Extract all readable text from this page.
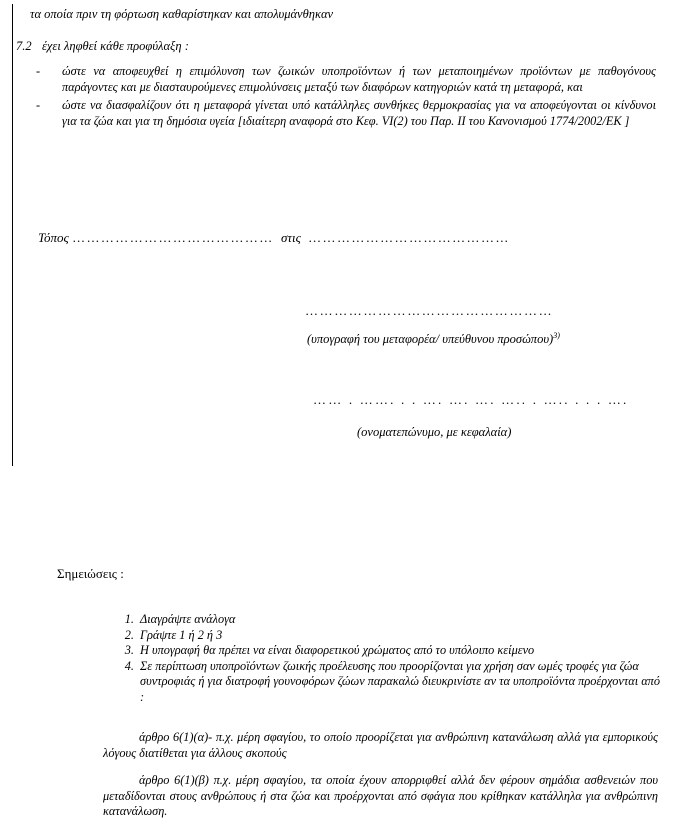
τα οποία πριν τη φόρτωση καθαρίστηκαν και απολυμάνθηκαν
7.2 έχει ληφθεί κάθε προφύλαξη :
- ώστε να αποφευχθεί η επιμόλυνση των ζωικών υποπροϊόντων ή των μεταποιημένων προϊόντων με παθογόνους παράγοντες και με διασταυρούμενες επιμολύνσεις μεταξύ των διαφόρων κατηγοριών κατά τη μεταφορά, και
- ώστε να διασφαλίζουν ότι η μεταφορά γίνεται υπό κατάλληλες συνθήκες θερμοκρασίας για να αποφεύγονται οι κίνδυνοι για τα ζώα και για τη δημόσια υγεία [ιδιαίτερη αναφορά στο Κεφ. VI(2) του Παρ. II του Κανονισμού 1774/2002/ΕΚ ]
Τόπος …………………………………… στις ……………………………………
……………………………………………
(υπογραφή του μεταφορέα/ υπεύθυνου προσώπου)$^{3)}$
…… . ……. . . …. …. …. ….. . ….. . . . ….
(ονοματεπώνυμο, με κεφαλαία)
Σημειώσεις :
1. Διαγράψτε ανάλογα
2. Γράψτε 1 ή 2 ή 3
3. Η υπογραφή θα πρέπει να είναι διαφορετικού χρώματος από το υπόλοιπο κείμενο
4. Σε περίπτωση υποπροϊόντων ζωικής προέλευσης που προορίζονται για χρήση σαν ωμές τροφές για ζώα συντροφιάς ή για διατροφή γουνοφόρων ζώων παρακαλώ διευκρινίστε αν τα υποπροϊόντα προέρχονται από :
άρθρο 6(1)(α)- π.χ. μέρη σφαγίου, το οποίο προορίζεται για ανθρώπινη κατανάλωση αλλά για εμπορικούς λόγους διατίθεται για άλλους σκοπούς
άρθρο 6(1)(β) π.χ. μέρη σφαγίου, τα οποία έχουν απορριφθεί αλλά δεν φέρουν σημάδια ασθενειών που μεταδίδονται στους ανθρώπους ή στα ζώα και προέρχονται από σφάγια που κρίθηκαν κατάλληλα για ανθρώπινη κατανάλωση.
